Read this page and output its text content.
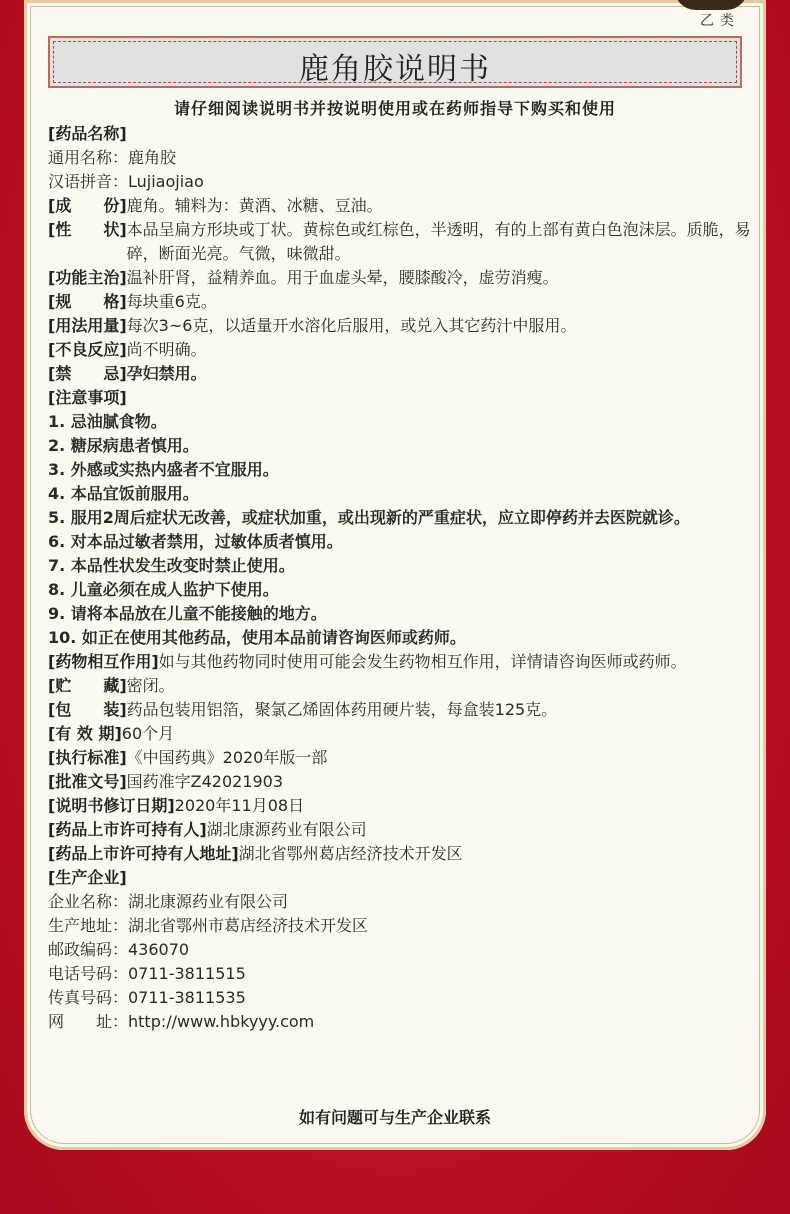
乙类
鹿角胶说明书
请仔细阅读说明书并按说明使用或在药师指导下购买和使用
[药品名称]
通用名称：鹿角胶
汉语拼音：Lujiaojiao
[成　　份] 鹿角。辅料为：黄酒、冰糖、豆油。
[性　　状] 本品呈扁方形块或丁状。黄棕色或红棕色，半透明，有的上部有黄白色泡沫层。质脆，易碎，断面光亮。气微，味微甜。
[功能主治] 温补肝肾，益精养血。用于血虚头晕，腰膝酸冷，虚劳消瘦。
[规　　格] 每块重6克。
[用法用量] 每次3~6克，以适量开水溶化后服用，或兑入其它药汁中服用。
[不良反应] 尚不明确。
[禁　　忌] 孕妇禁用。
[注意事项]
1. 忌油腻食物。
2. 糖尿病患者慎用。
3. 外感或实热内盛者不宜服用。
4. 本品宜饭前服用。
5. 服用2周后症状无改善，或症状加重，或出现新的严重症状，应立即停药并去医院就诊。
6. 对本品过敏者禁用，过敏体质者慎用。
7. 本品性状发生改变时禁止使用。
8. 儿童必须在成人监护下使用。
9. 请将本品放在儿童不能接触的地方。
10. 如正在使用其他药品，使用本品前请咨询医师或药师。
[药物相互作用] 如与其他药物同时使用可能会发生药物相互作用，详情请咨询医师或药师。
[贮　　藏] 密闭。
[包　　装] 药品包装用铝箔，聚氯乙烯固体药用硬片装，每盒装125克。
[有 效 期] 60个月
[执行标准] 《中国药典》2020年版一部
[批准文号] 国药准字Z42021903
[说明书修订日期] 2020年11月08日
[药品上市许可持有人] 湖北康源药业有限公司
[药品上市许可持有人地址] 湖北省鄂州葛店经济技术开发区
[生产企业]
企业名称：湖北康源药业有限公司
生产地址：湖北省鄂州市葛店经济技术开发区
邮政编码：436070
电话号码：0711-3811515
传真号码：0711-3811535
网　　址：http://www.hbkyyy.com
如有问题可与生产企业联系
